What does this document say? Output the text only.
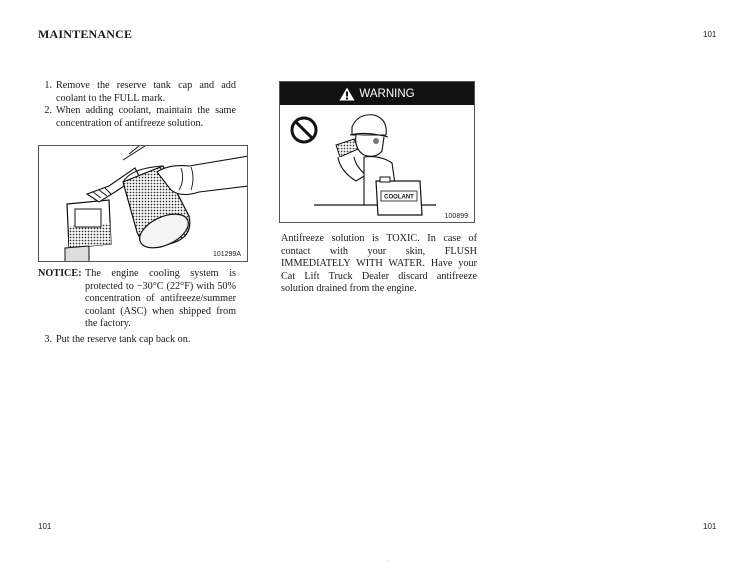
MAINTENANCE	101
1. Remove the reserve tank cap and add coolant to the FULL mark.
2. When adding coolant, maintain the same concentration of antifreeze solution.
101299A
NOTICE: The engine cooling system is protected to −30°C (22°F) with 50% concentration of antifreeze/summer coolant (ASC) when shipped from the factory.
3. Put the reserve tank cap back on.
WARNING
COOLANT
100899
Antifreeze solution is TOXIC. In case of contact with your skin, FLUSH IMMEDIATELY WITH WATER. Have your Cat Lift Truck Dealer discard antifreeze solution drained from the engine.
101	101
